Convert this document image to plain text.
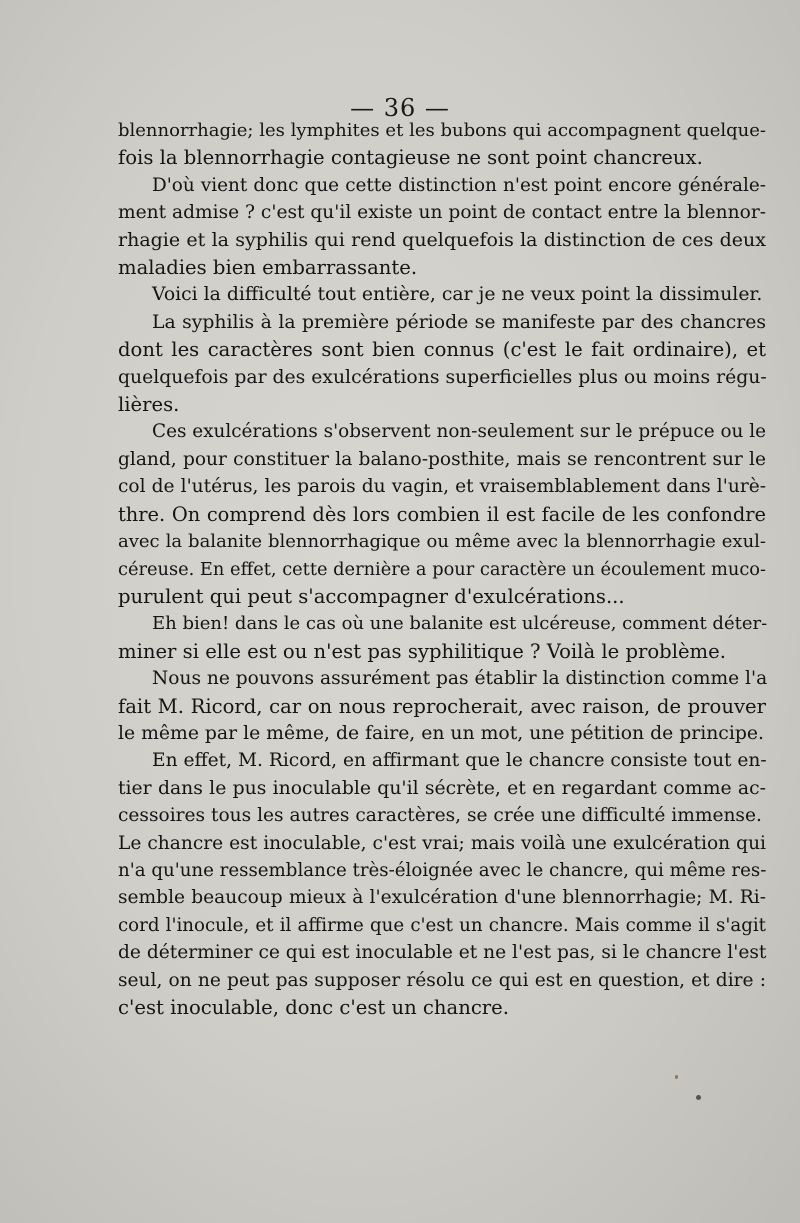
— 36 —
blennorrhagie; les lymphites et les bubons qui accompagnent quelque-
fois la blennorrhagie contagieuse ne sont point chancreux.
D'où vient donc que cette distinction n'est point encore générale-
ment admise ? c'est qu'il existe un point de contact entre la blennor-
rhagie et la syphilis qui rend quelquefois la distinction de ces deux
maladies bien embarrassante.
Voici la difficulté tout entière, car je ne veux point la dissimuler.
La syphilis à la première période se manifeste par des chancres
dont les caractères sont bien connus (c'est le fait ordinaire), et
quelquefois par des exulcérations superficielles plus ou moins régu-
lières.
Ces exulcérations s'observent non-seulement sur le prépuce ou le
gland, pour constituer la balano-posthite, mais se rencontrent sur le
col de l'utérus, les parois du vagin, et vraisemblablement dans l'urè-
thre. On comprend dès lors combien il est facile de les confondre
avec la balanite blennorrhagique ou même avec la blennorrhagie exul-
céreuse. En effet, cette dernière a pour caractère un écoulement muco-
purulent qui peut s'accompagner d'exulcérations...
Eh bien! dans le cas où une balanite est ulcéreuse, comment déter-
miner si elle est ou n'est pas syphilitique ? Voilà le problème.
Nous ne pouvons assurément pas établir la distinction comme l'a
fait M. Ricord, car on nous reprocherait, avec raison, de prouver
le même par le même, de faire, en un mot, une pétition de principe.
En effet, M. Ricord, en affirmant que le chancre consiste tout en-
tier dans le pus inoculable qu'il sécrète, et en regardant comme ac-
cessoires tous les autres caractères, se crée une difficulté immense.
Le chancre est inoculable, c'est vrai; mais voilà une exulcération qui
n'a qu'une ressemblance très-éloignée avec le chancre, qui même res-
semble beaucoup mieux à l'exulcération d'une blennorrhagie; M. Ri-
cord l'inocule, et il affirme que c'est un chancre. Mais comme il s'agit
de déterminer ce qui est inoculable et ne l'est pas, si le chancre l'est
seul, on ne peut pas supposer résolu ce qui est en question, et dire :
c'est inoculable, donc c'est un chancre.
